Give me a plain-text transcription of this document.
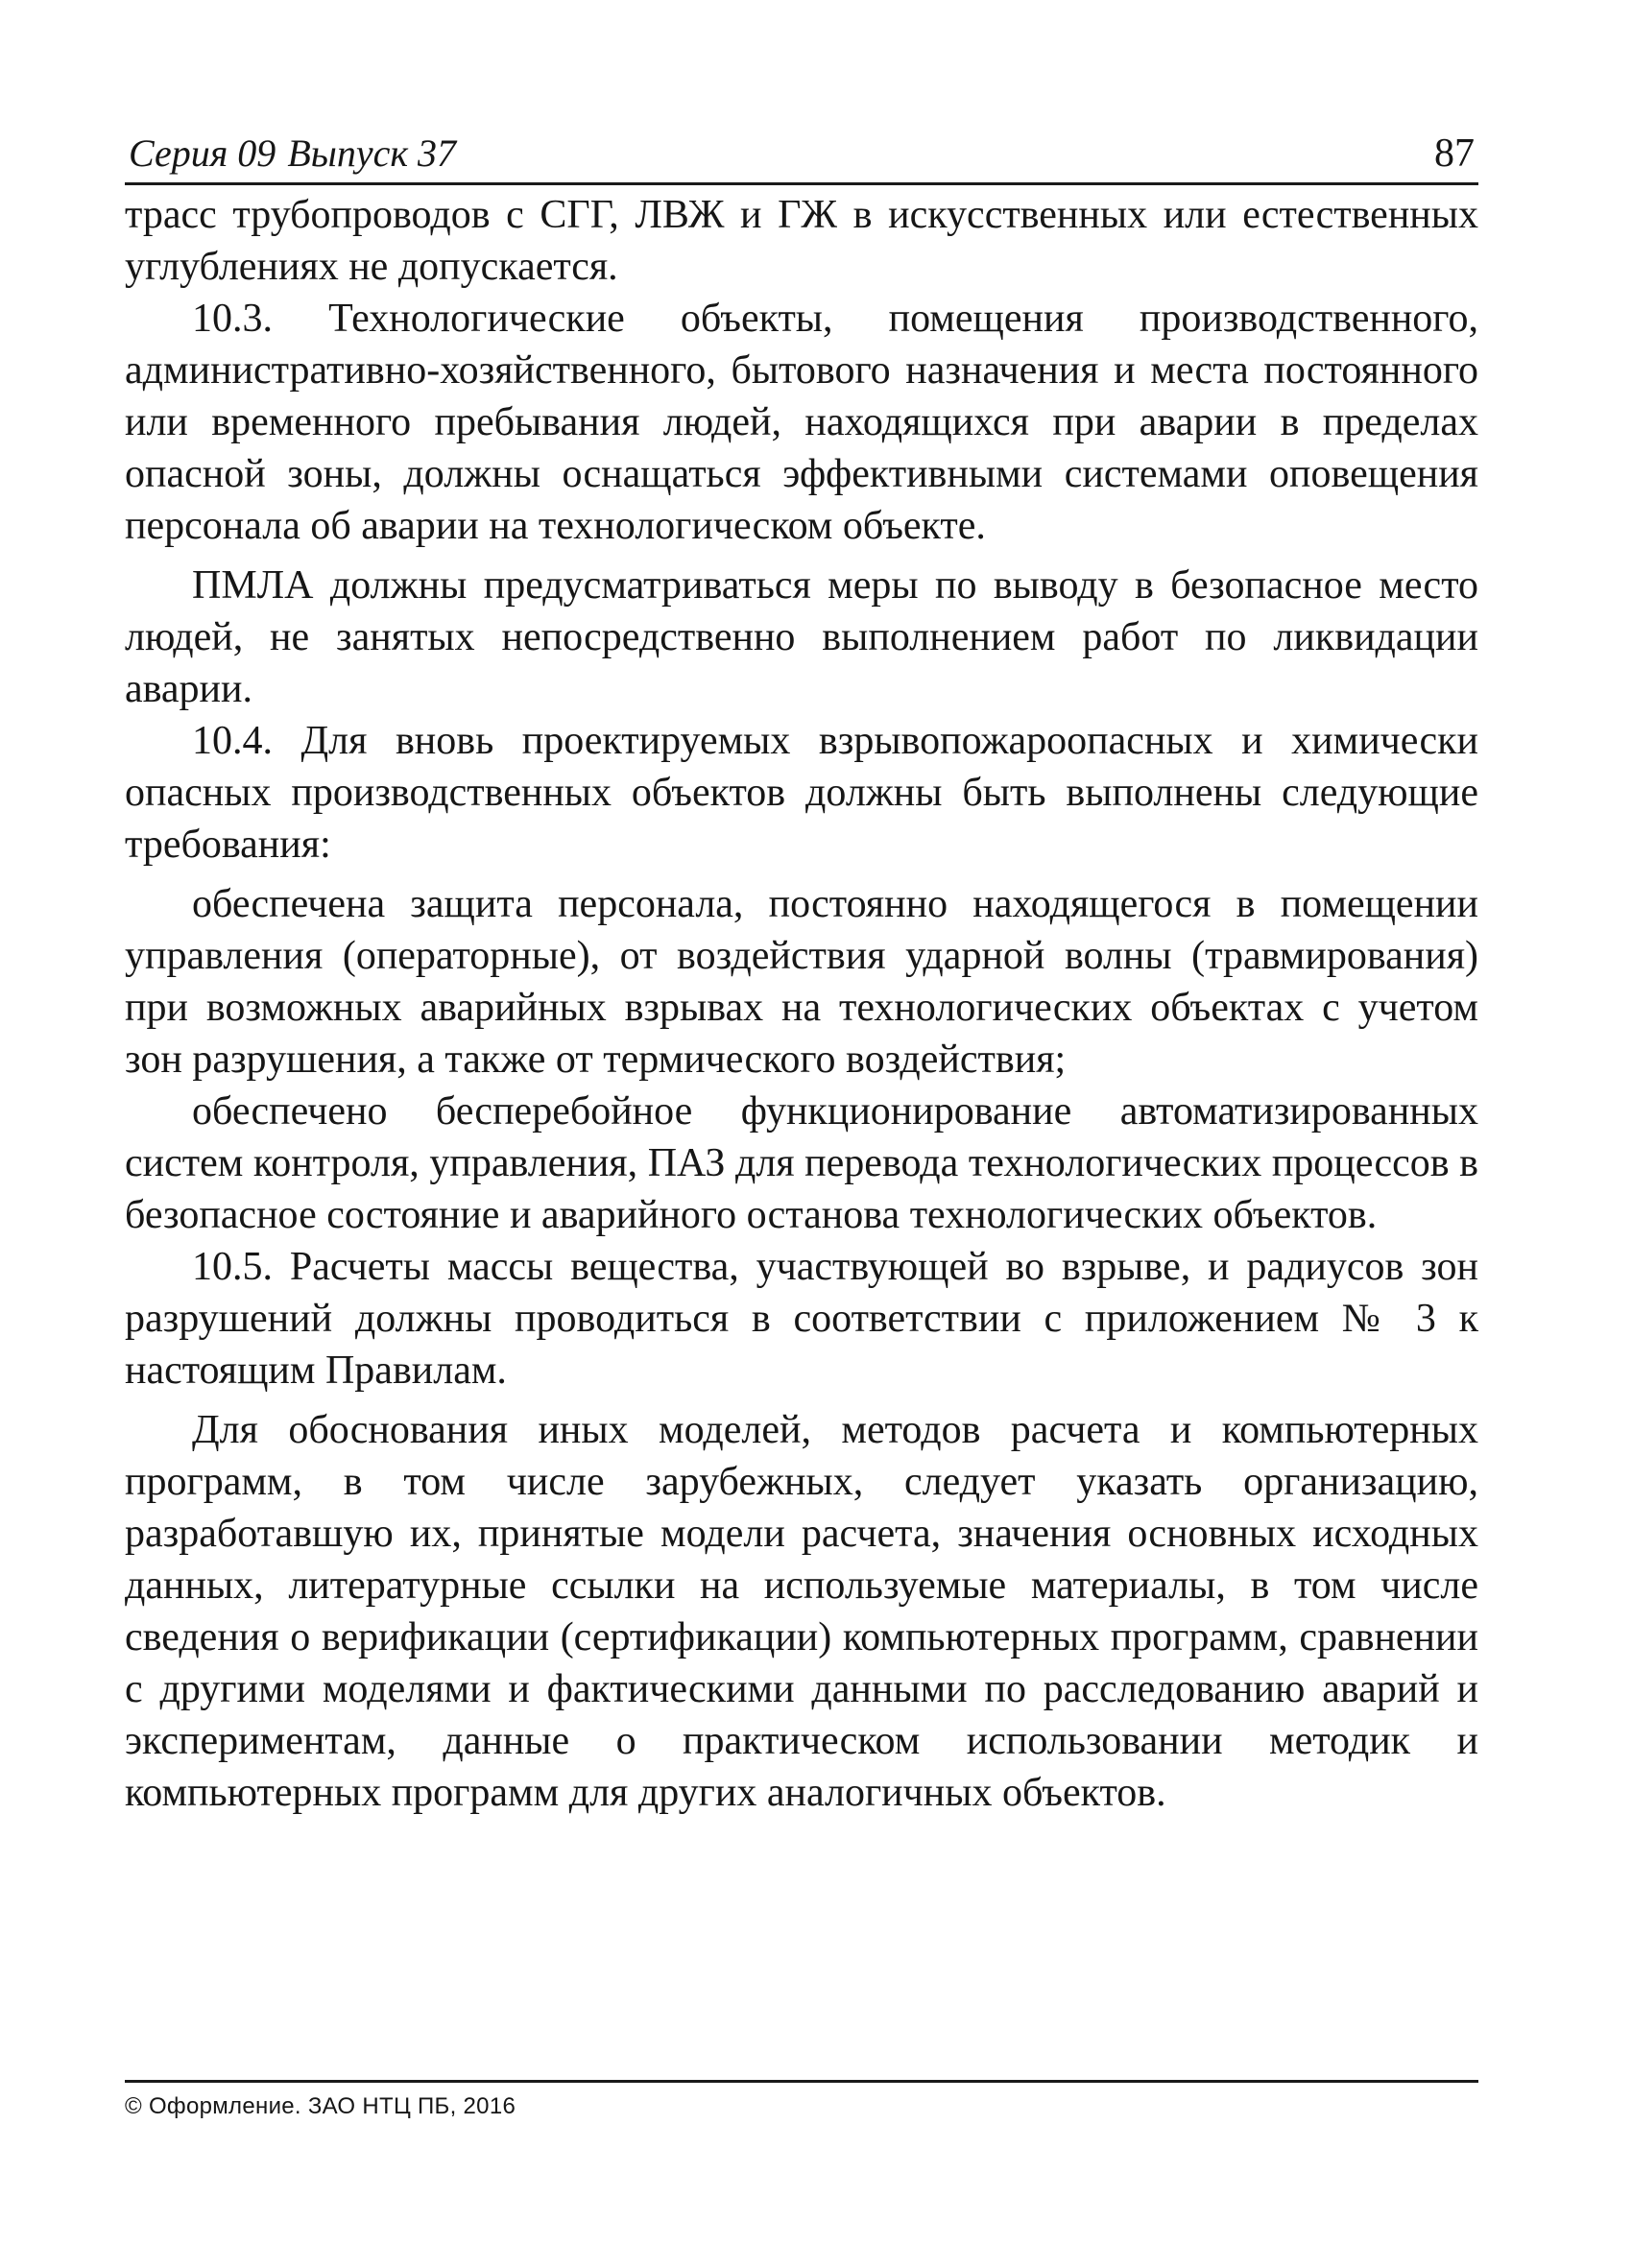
Серия 09 Выпуск 37	87

трасс трубопроводов с СГГ, ЛВЖ и ГЖ в искусственных или естественных углублениях не допускается.

10.3. Технологические объекты, помещения производственного, административно-хозяйственного, бытового назначения и места постоянного или временного пребывания людей, находящихся при аварии в пределах опасной зоны, должны оснащаться эффективными системами оповещения персонала об аварии на технологическом объекте.

ПМЛА должны предусматриваться меры по выводу в безопасное место людей, не занятых непосредственно выполнением работ по ликвидации аварии.

10.4. Для вновь проектируемых взрывопожароопасных и химически опасных производственных объектов должны быть выполнены следующие требования:

обеспечена защита персонала, постоянно находящегося в помещении управления (операторные), от воздействия ударной волны (травмирования) при возможных аварийных взрывах на технологических объектах с учетом зон разрушения, а также от термического воздействия;

обеспечено бесперебойное функционирование автоматизированных систем контроля, управления, ПАЗ для перевода технологических процессов в безопасное состояние и аварийного останова технологических объектов.

10.5. Расчеты массы вещества, участвующей во взрыве, и радиусов зон разрушений должны проводиться в соответствии с приложением № 3 к настоящим Правилам.

Для обоснования иных моделей, методов расчета и компьютерных программ, в том числе зарубежных, следует указать организацию, разработавшую их, принятые модели расчета, значения основных исходных данных, литературные ссылки на используемые материалы, в том числе сведения о верификации (сертификации) компьютерных программ, сравнении с другими моделями и фактическими данными по расследованию аварий и экспериментам, данные о практическом использовании методик и компьютерных программ для других аналогичных объектов.

© Оформление. ЗАО НТЦ ПБ, 2016
